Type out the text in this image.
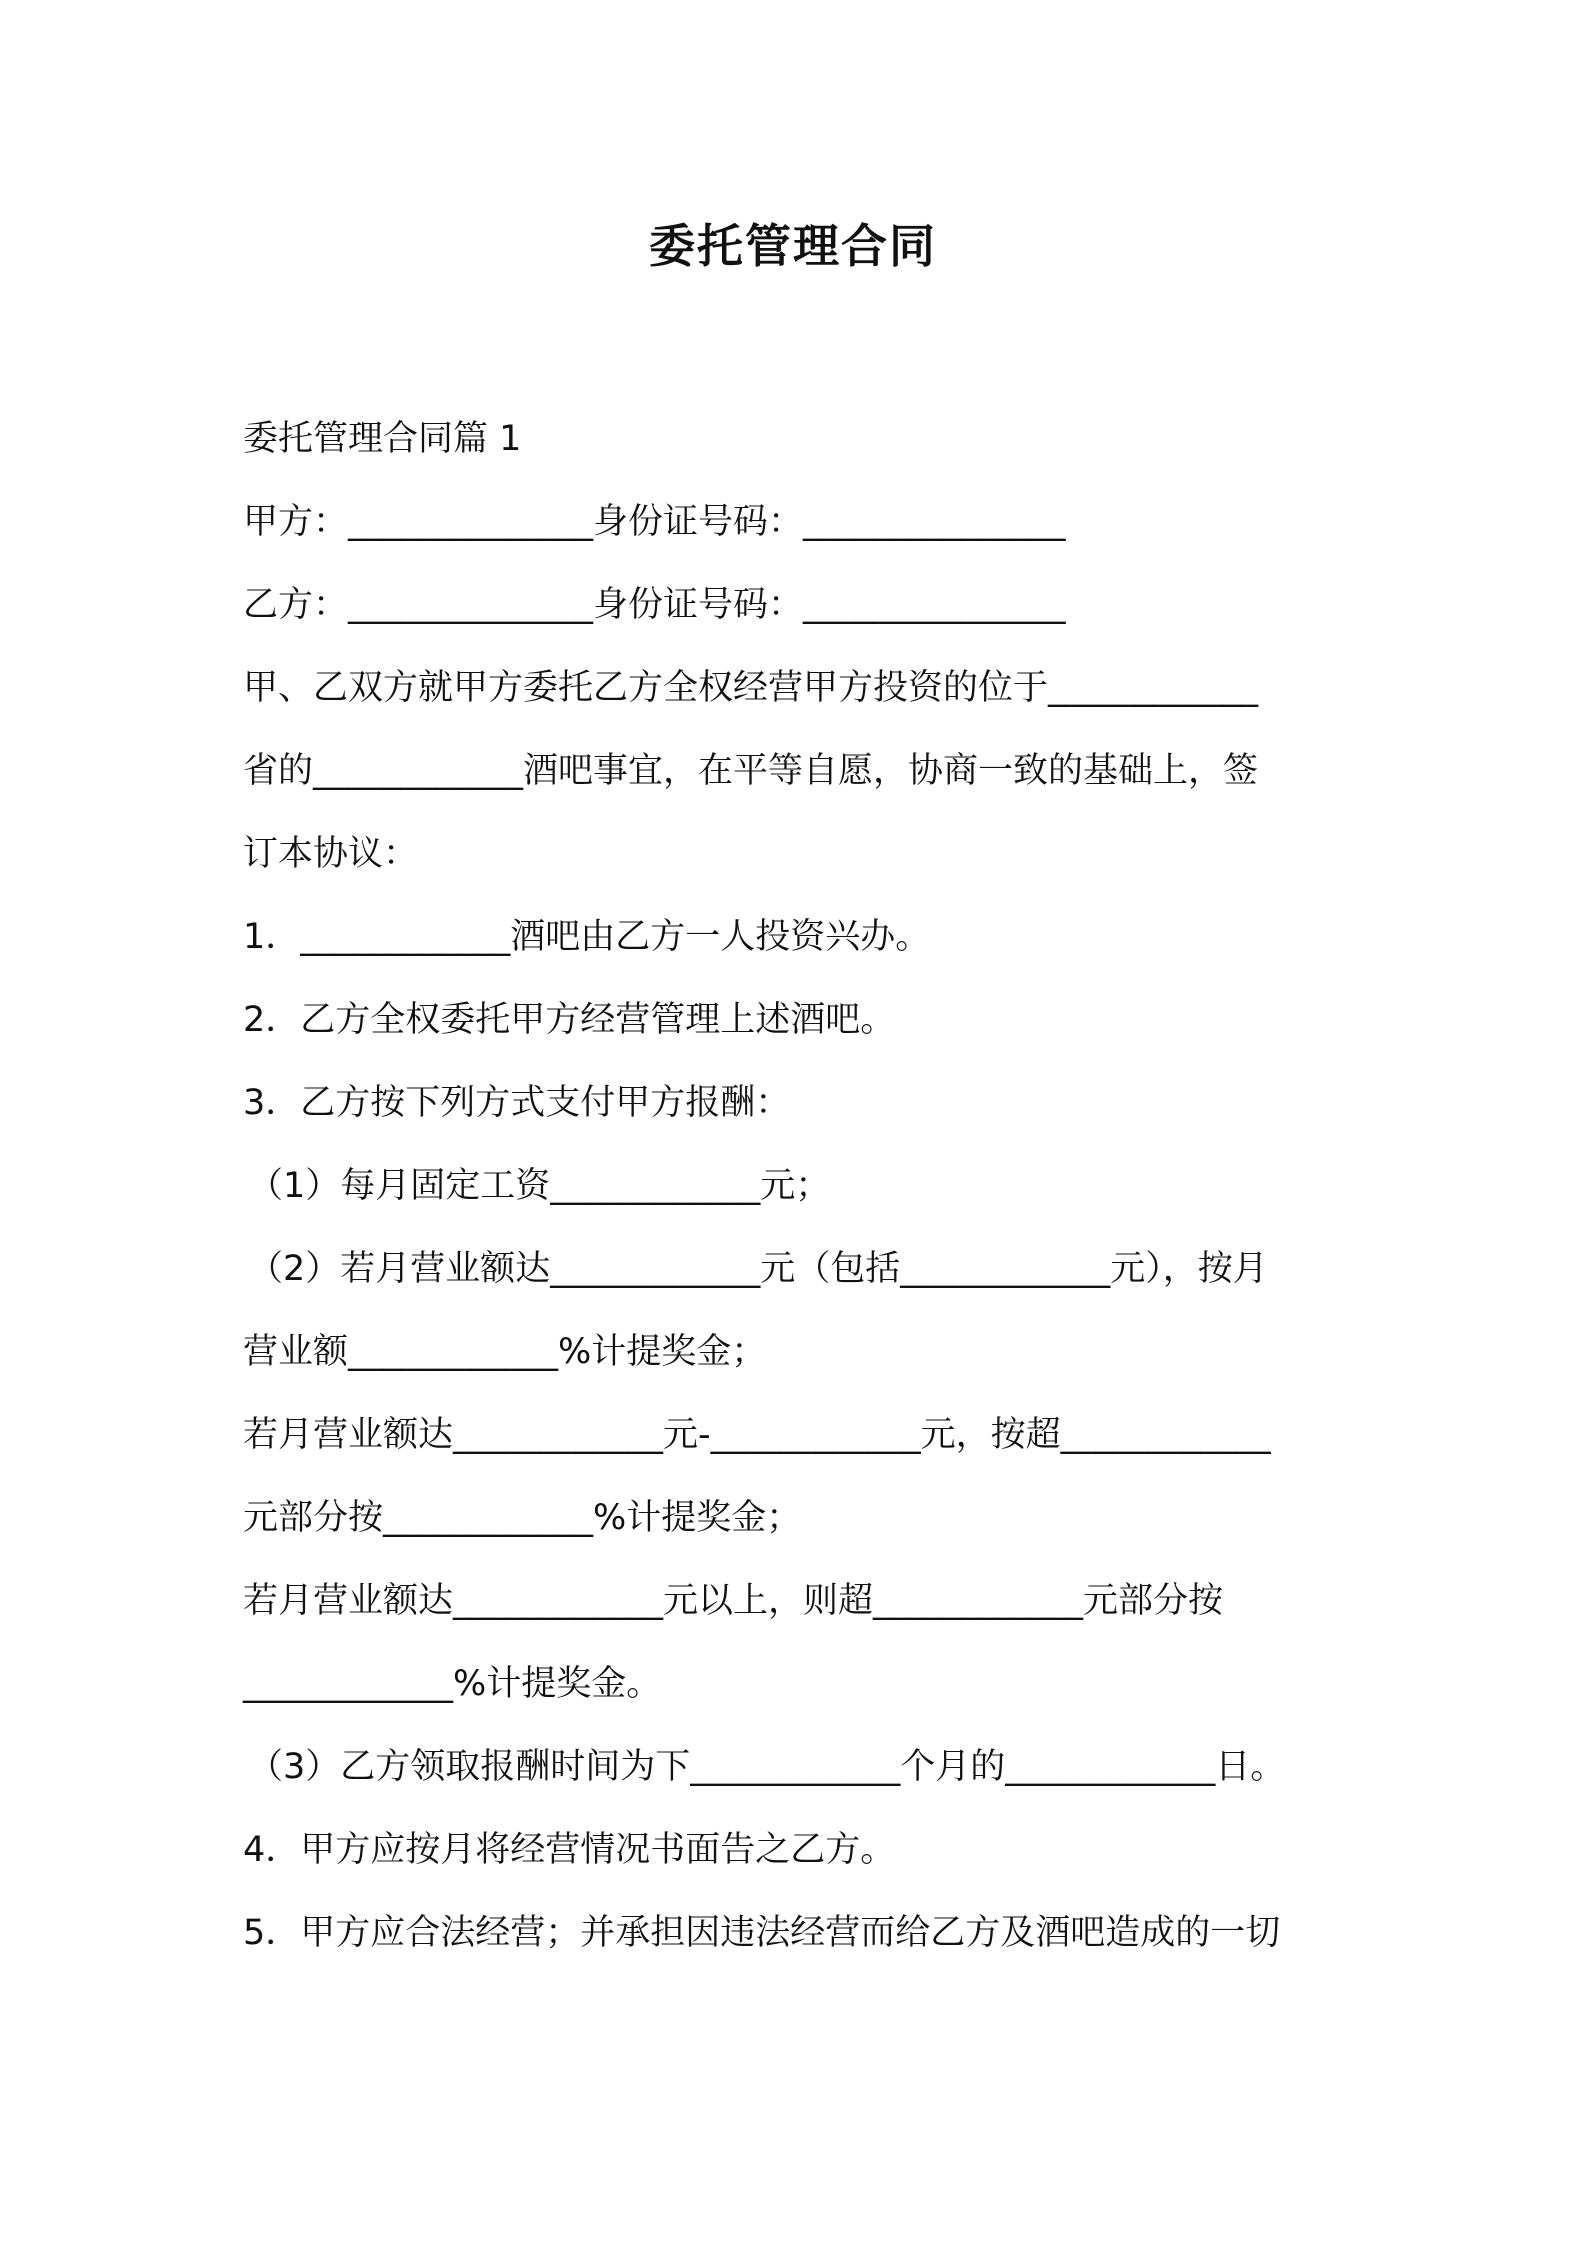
委托管理合同
委托管理合同篇 1
甲方：______________身份证号码：_______________
乙方：______________身份证号码：_______________
甲、乙双方就甲方委托乙方全权经营甲方投资的位于____________
省的____________酒吧事宜，在平等自愿，协商一致的基础上，签
订本协议：
1．____________酒吧由乙方一人投资兴办。
2．乙方全权委托甲方经营管理上述酒吧。
3．乙方按下列方式支付甲方报酬：
（1）每月固定工资____________元；
（2）若月营业额达____________元（包括____________元），按月
营业额____________%计提奖金；
若月营业额达____________元-____________元，按超____________
元部分按____________%计提奖金；
若月营业额达____________元以上，则超____________元部分按
____________%计提奖金。
（3）乙方领取报酬时间为下____________个月的____________日。
4．甲方应按月将经营情况书面告之乙方。
5．甲方应合法经营；并承担因违法经营而给乙方及酒吧造成的一切
